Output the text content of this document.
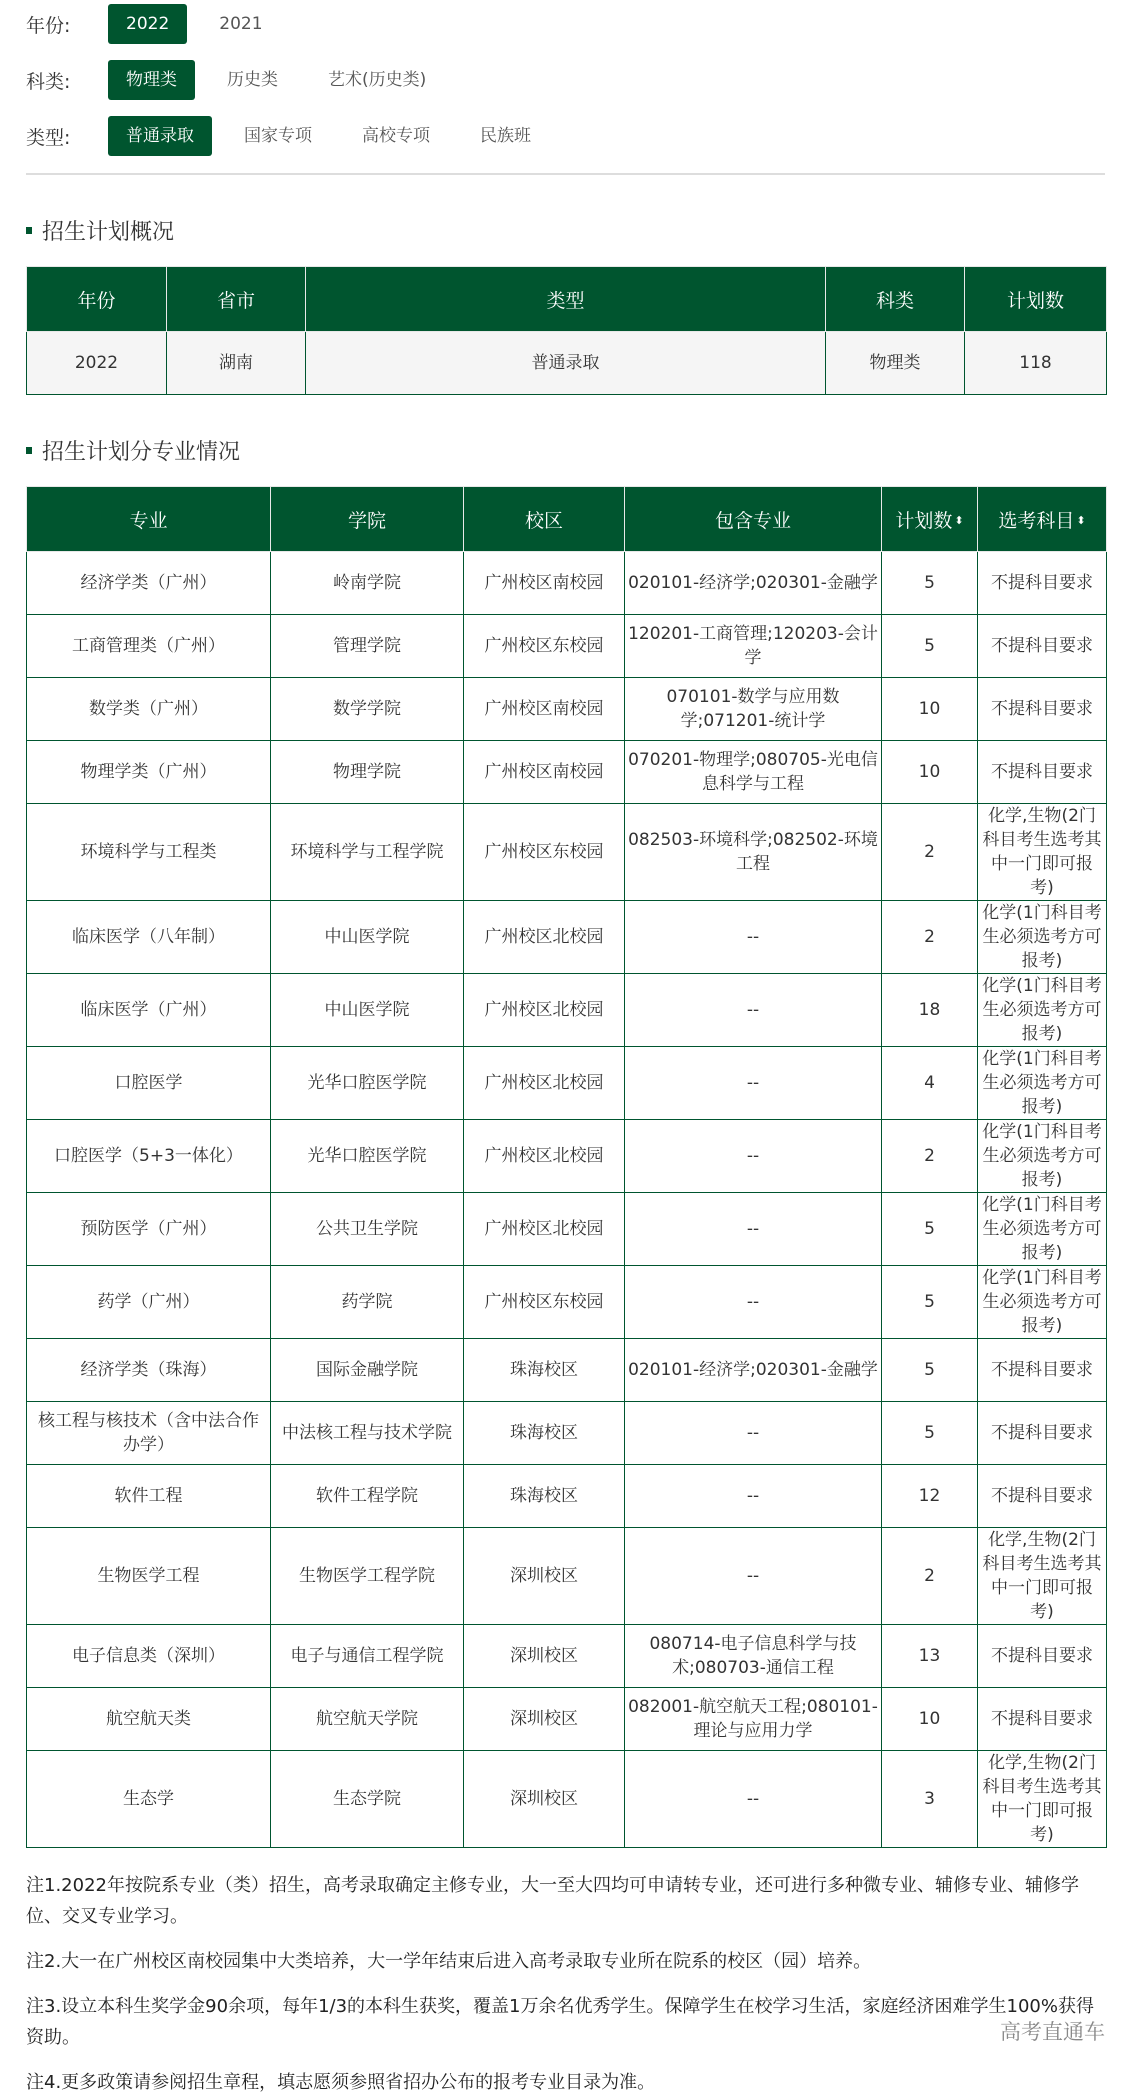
年份:	2022	2021
科类:	物理类	历史类	艺术(历史类)
类型:	普通录取	国家专项	高校专项	民族班
招生计划概况
年份	省市	类型	科类	计划数
2022	湖南	普通录取	物理类	118
招生计划分专业情况
专业	学院	校区	包含专业	计划数 ⬍	选考科目 ⬍
经济学类（广州）	岭南学院	广州校区南校园	020101-经济学;020301-金融学	5	不提科目要求
工商管理类（广州）	管理学院	广州校区东校园	120201-工商管理;120203-会计学	5	不提科目要求
数学类（广州）	数学学院	广州校区南校园	070101-数学与应用数学;071201-统计学	10	不提科目要求
物理学类（广州）	物理学院	广州校区南校园	070201-物理学;080705-光电信息科学与工程	10	不提科目要求
环境科学与工程类	环境科学与工程学院	广州校区东校园	082503-环境科学;082502-环境工程	2	化学,生物(2门科目考生选考其中一门即可报考)
临床医学（八年制）	中山医学院	广州校区北校园	--	2	化学(1门科目考生必须选考方可报考)
临床医学（广州）	中山医学院	广州校区北校园	--	18	化学(1门科目考生必须选考方可报考)
口腔医学	光华口腔医学院	广州校区北校园	--	4	化学(1门科目考生必须选考方可报考)
口腔医学（5+3一体化）	光华口腔医学院	广州校区北校园	--	2	化学(1门科目考生必须选考方可报考)
预防医学（广州）	公共卫生学院	广州校区北校园	--	5	化学(1门科目考生必须选考方可报考)
药学（广州）	药学院	广州校区东校园	--	5	化学(1门科目考生必须选考方可报考)
经济学类（珠海）	国际金融学院	珠海校区	020101-经济学;020301-金融学	5	不提科目要求
核工程与核技术（含中法合作办学）	中法核工程与技术学院	珠海校区	--	5	不提科目要求
软件工程	软件工程学院	珠海校区	--	12	不提科目要求
生物医学工程	生物医学工程学院	深圳校区	--	2	化学,生物(2门科目考生选考其中一门即可报考)
电子信息类（深圳）	电子与通信工程学院	深圳校区	080714-电子信息科学与技术;080703-通信工程	13	不提科目要求
航空航天类	航空航天学院	深圳校区	082001-航空航天工程;080101-理论与应用力学	10	不提科目要求
生态学	生态学院	深圳校区	--	3	化学,生物(2门科目考生选考其中一门即可报考)

注1.2022年按院系专业（类）招生，高考录取确定主修专业，大一至大四均可申请转专业，还可进行多种微专业、辅修专业、辅修学位、交叉专业学习。

注2.大一在广州校区南校园集中大类培养，大一学年结束后进入高考录取专业所在院系的校区（园）培养。

注3.设立本科生奖学金90余项，每年1/3的本科生获奖，覆盖1万余名优秀学生。保障学生在校学习生活，家庭经济困难学生100%获得资助。

注4.更多政策请参阅招生章程，填志愿须参照省招办公布的报考专业目录为准。

高考直通车
